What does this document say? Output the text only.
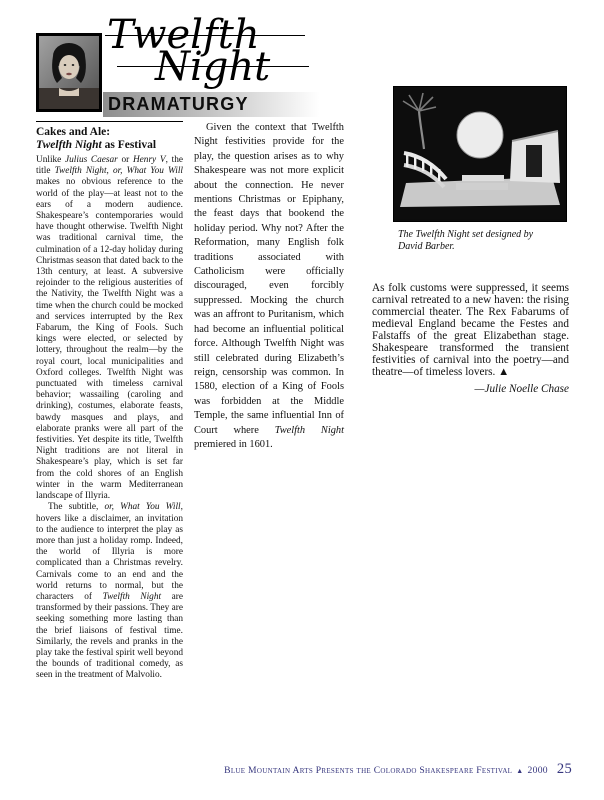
Twelfth
Night
DRAMATURGY
Cakes and Ale:
Twelfth Night as Festival

Unlike Julius Caesar or Henry V, the title Twelfth Night, or, What You Will makes no obvious reference to the world of the play—at least not to the ears of a modern audience. Shakespeare’s contemporaries would have thought otherwise. Twelfth Night was traditional carnival time, the culmination of a 12-day holiday during Christmas season that dated back to the 13th century, at least. A subversive rejoinder to the religious austerities of the Nativity, the Twelfth Night was a time when the church could be mocked and services interrupted by the Rex Fabarum, the King of Fools. Such kings were elected, or selected by lottery, throughout the realm—by the royal court, local municipalities and Oxford colleges. Twelfth Night was punctuated with timeless carnival behavior; wassailing (caroling and drinking), costumes, elaborate feasts, bawdy masques and plays, and elaborate pranks were all part of the festivities. Yet despite its title, Twelfth Night traditions are not literal in Shakespeare’s play, which is set far from the cold shores of an English winter in the warm Mediterranean landscape of Illyria.

The subtitle, or, What You Will, hovers like a disclaimer, an invitation to the audience to interpret the play as more than just a holiday romp. Indeed, the world of Illyria is more complicated than a Christmas revelry. Carnivals come to an end and the world returns to normal, but the characters of Twelfth Night are transformed by their passions. They are seeking something more lasting than the brief liaisons of festival time. Similarly, the revels and pranks in the play take the festival spirit well beyond the bounds of traditional comedy, as seen in the treatment of Malvolio.

Given the context that Twelfth Night festivities provide for the play, the question arises as to why Shakespeare was not more explicit about the connection. He never mentions Christmas or Epiphany, the feast days that bookend the holiday period. Why not? After the Reformation, many English folk traditions associated with Catholicism were officially discouraged, even forcibly suppressed. Mocking the church was an affront to Puritanism, which had become an influential political force. Although Twelfth Night was still celebrated during Elizabeth’s reign, censorship was common. In 1580, election of a King of Fools was forbidden at the Middle Temple, the same influential Inn of Court where Twelfth Night premiered in 1601.

The Twelfth Night set designed by David Barber.

As folk customs were suppressed, it seems carnival retreated to a new haven: the rising commercial theater. The Rex Fabarums of medieval England became the Festes and Falstaffs of the great Elizabethan stage. Shakespeare transformed the transient festivities of carnival into the poetry—and theatre—of timeless lovers. ▲

—Julie Noelle Chase

Blue Mountain Arts Presents the Colorado Shakespeare Festival ▲ 2000 25
